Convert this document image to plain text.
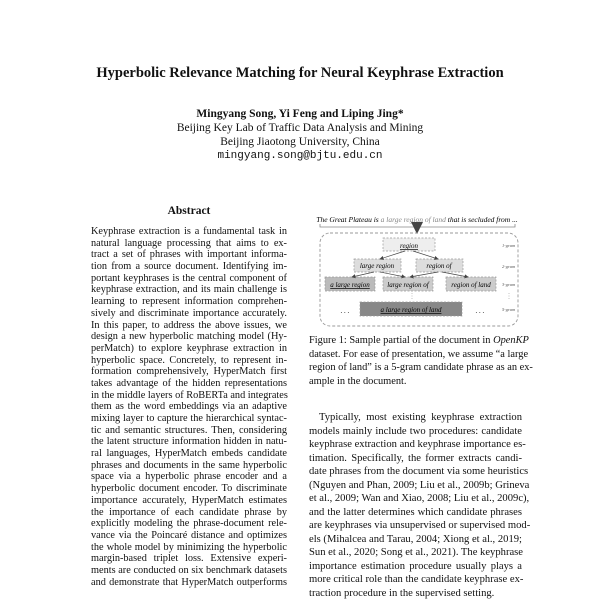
Hyperbolic Relevance Matching for Neural Keyphrase Extraction
Mingyang Song, Yi Feng and Liping Jing*
Beijing Key Lab of Traffic Data Analysis and Mining
Beijing Jiaotong University, China
mingyang.song@bjtu.edu.cn
Abstract
Keyphrase extraction is a fundamental task in
natural language processing that aims to ex-
tract a set of phrases with important informa-
tion from a source document. Identifying im-
portant keyphrases is the central component of
keyphrase extraction, and its main challenge is
learning to represent information comprehen-
sively and discriminate importance accurately.
In this paper, to address the above issues, we
design a new hyperbolic matching model (Hy-
perMatch) to explore keyphrase extraction in
hyperbolic space. Concretely, to represent in-
formation comprehensively, HyperMatch first
takes advantage of the hidden representations
in the middle layers of RoBERTa and integrates
them as the word embeddings via an adaptive
mixing layer to capture the hierarchical syntac-
tic and semantic structures. Then, considering
the latent structure information hidden in natu-
ral languages, HyperMatch embeds candidate
phrases and documents in the same hyperbolic
space via a hyperbolic phrase encoder and a
hyperbolic document encoder. To discriminate
importance accurately, HyperMatch estimates
the importance of each candidate phrase by
explicitly modeling the phrase-document rele-
vance via the Poincaré distance and optimizes
the whole model by minimizing the hyperbolic
margin-based triplet loss. Extensive experi-
ments are conducted on six benchmark datasets
and demonstrate that HyperMatch outperforms
The Great Plateau is a large region of land that is secluded from ...
region
large region	region of
a large region large region of	region of land
a large region of land
. . .	. . .
1-gram
2-gram
3-gram
5-gram
Figure 1: Sample partial of the document in OpenKP
dataset. For ease of presentation, we assume “a large
region of land” is a 5-gram candidate phrase as an ex-
ample in the document.
Typically, most existing keyphrase extraction
models mainly include two procedures: candidate
keyphrase extraction and keyphrase importance es-
timation. Specifically, the former extracts candi-
date phrases from the document via some heuristics
(Nguyen and Phan, 2009; Liu et al., 2009b; Grineva
et al., 2009; Wan and Xiao, 2008; Liu et al., 2009c),
and the latter determines which candidate phrases
are keyphrases via unsupervised or supervised mod-
els (Mihalcea and Tarau, 2004; Xiong et al., 2019;
Sun et al., 2020; Song et al., 2021). The keyphrase
importance estimation procedure usually plays a
more critical role than the candidate keyphrase ex-
traction procedure in the supervised setting.
